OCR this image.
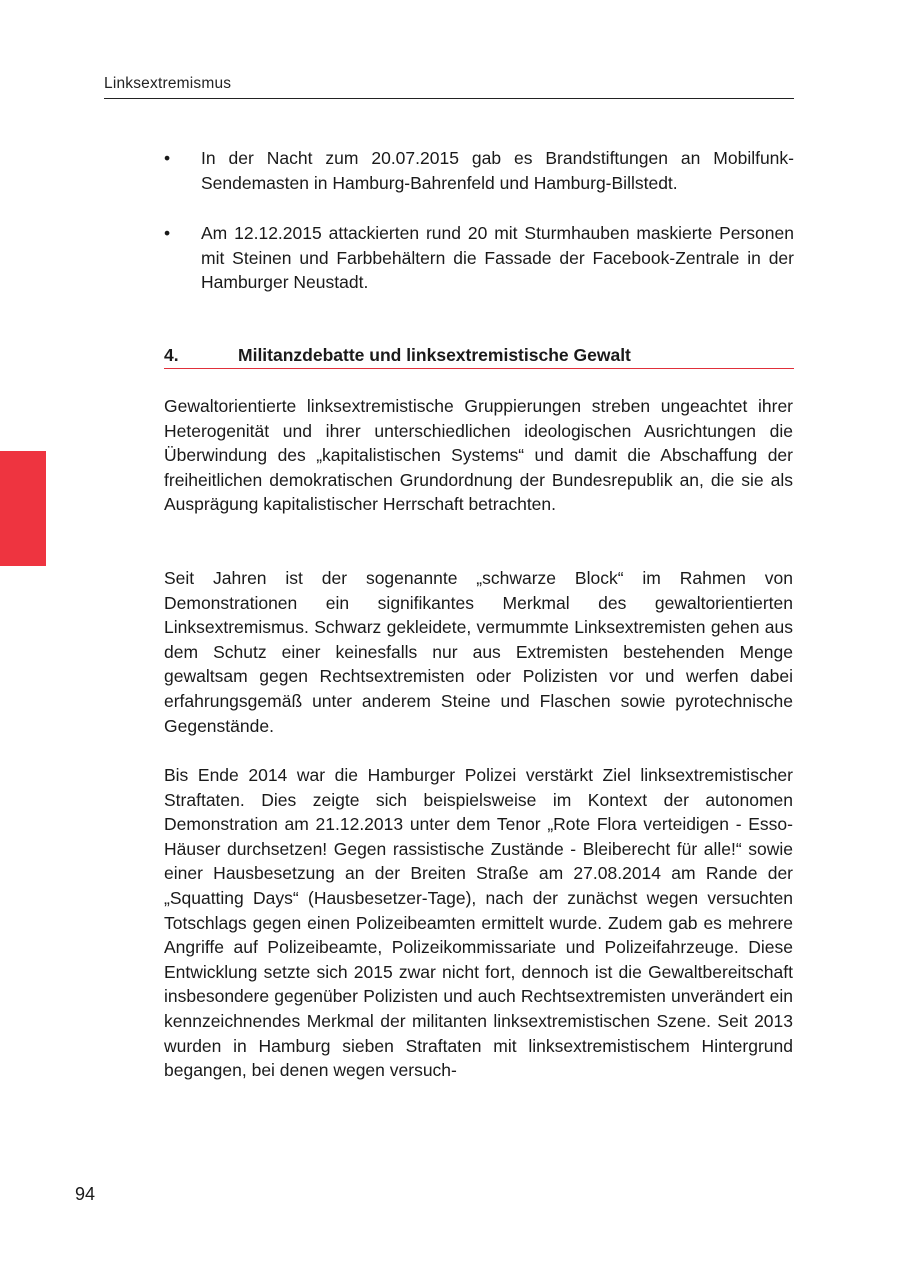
Linksextremismus
•	In der Nacht zum 20.07.2015 gab es Brandstiftungen an Mobilfunk-Sendemasten in Hamburg-Bahrenfeld und Hamburg-Billstedt.
•	Am 12.12.2015 attackierten rund 20 mit Sturmhauben maskierte Personen mit Steinen und Farbbehältern die Fassade der Facebook-Zentrale in der Hamburger Neustadt.
4.	Militanzdebatte und linksextremistische Gewalt

Gewaltorientierte linksextremistische Gruppierungen streben ungeachtet ihrer Heterogenität und ihrer unterschiedlichen ideologischen Ausrichtungen die Überwindung des „kapitalistischen Systems“ und damit die Abschaffung der freiheitlichen demokratischen Grundordnung der Bundesrepublik an, die sie als Ausprägung kapitalistischer Herrschaft betrachten.

Seit Jahren ist der sogenannte „schwarze Block“ im Rahmen von Demonstrationen ein signifikantes Merkmal des gewaltorientierten Linksextremismus. Schwarz gekleidete, vermummte Linksextremisten gehen aus dem Schutz einer keinesfalls nur aus Extremisten bestehenden Menge gewaltsam gegen Rechtsextremisten oder Polizisten vor und werfen dabei erfahrungsgemäß unter anderem Steine und Flaschen sowie pyrotechnische Gegenstände.

Bis Ende 2014 war die Hamburger Polizei verstärkt Ziel linksextremistischer Straftaten. Dies zeigte sich beispielsweise im Kontext der autonomen Demonstration am 21.12.2013 unter dem Tenor „Rote Flora verteidigen - Esso-Häuser durchsetzen! Gegen rassistische Zustände - Bleiberecht für alle!“ sowie einer Hausbesetzung an der Breiten Straße am 27.08.2014 am Rande der „Squatting Days“ (Hausbesetzer-Tage), nach der zunächst wegen versuchten Totschlags gegen einen Polizeibeamten ermittelt wurde. Zudem gab es mehrere Angriffe auf Polizeibeamte, Polizeikommissariate und Polizeifahrzeuge. Diese Entwicklung setzte sich 2015 zwar nicht fort, dennoch ist die Gewaltbereitschaft insbesondere gegenüber Polizisten und auch Rechtsextremisten unverändert ein kennzeichnendes Merkmal der militanten linksextremistischen Szene. Seit 2013 wurden in Hamburg sieben Straftaten mit linksextremistischem Hintergrund begangen, bei denen wegen versuch-

94
